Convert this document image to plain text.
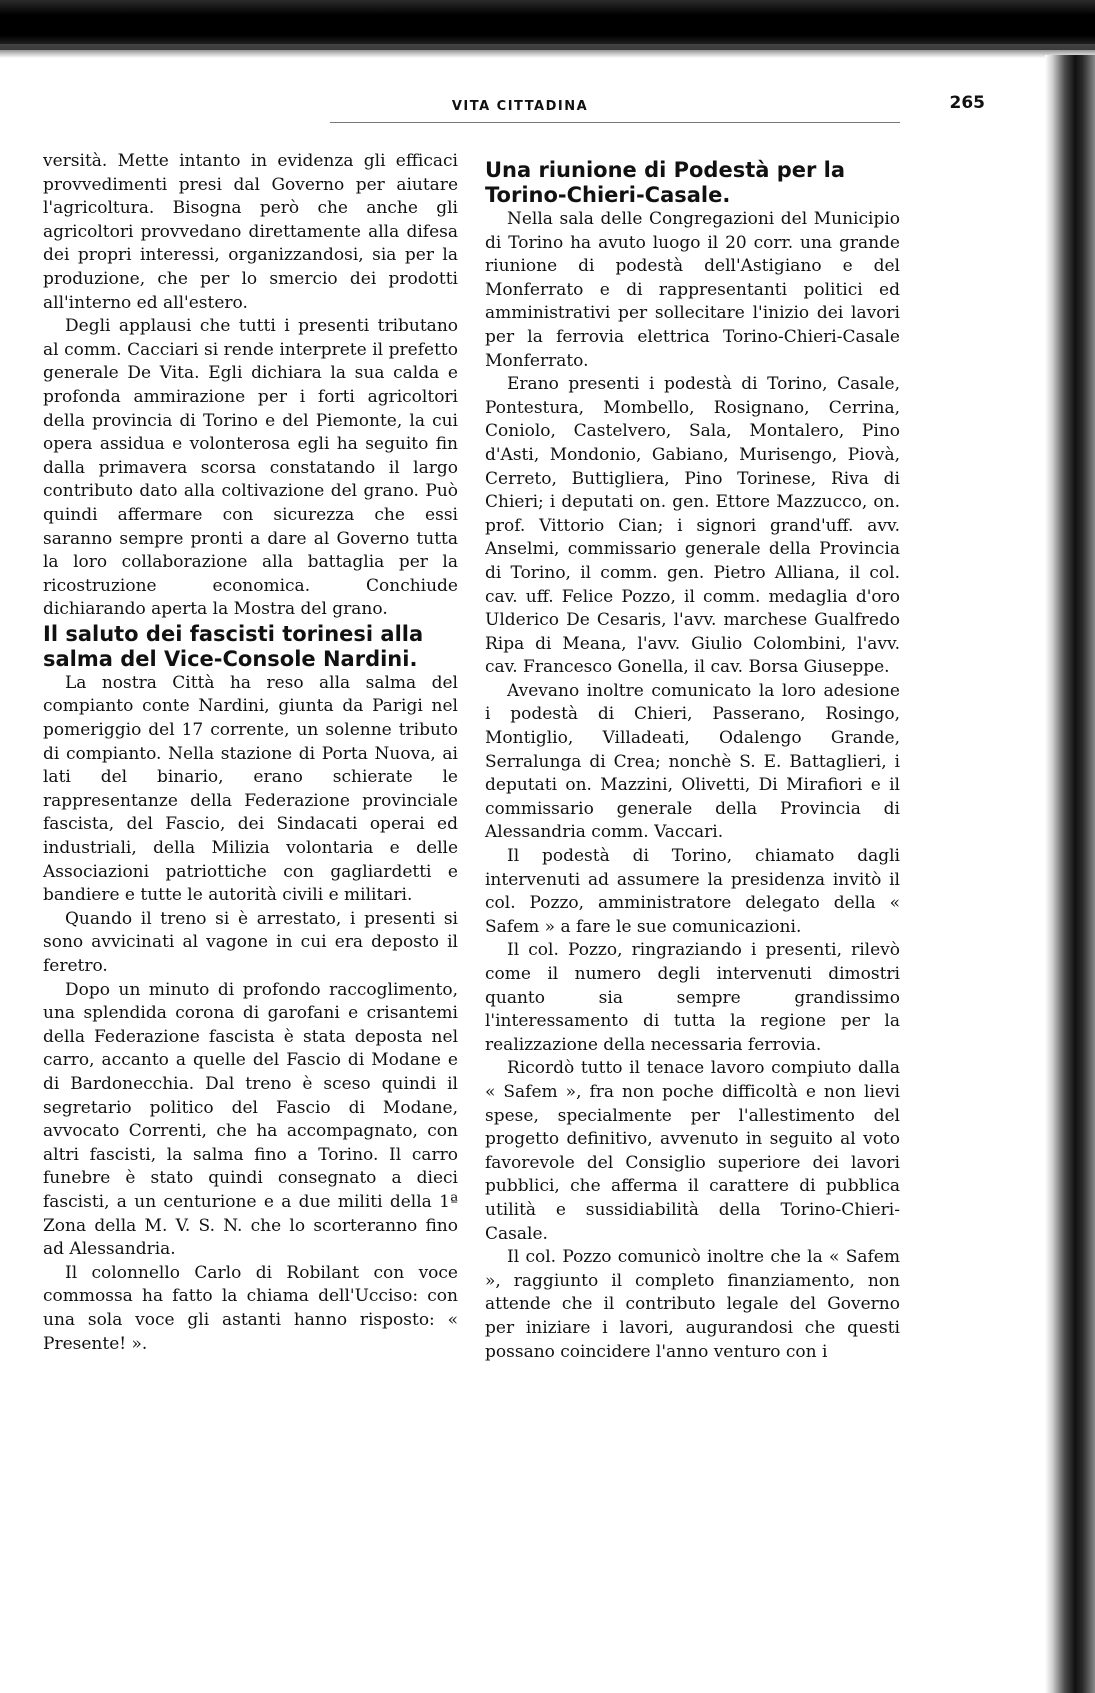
VITA CITTADINA	265

versità. Mette intanto in evidenza gli efficaci provvedimenti presi dal Governo per aiutare l'agricoltura. Bisogna però che anche gli agricoltori provvedano direttamente alla difesa dei propri interessi, organizzandosi, sia per la produzione, che per lo smercio dei prodotti all'interno ed all'estero.

Degli applausi che tutti i presenti tributano al comm. Cacciari si rende interprete il prefetto generale De Vita. Egli dichiara la sua calda e profonda ammirazione per i forti agricoltori della provincia di Torino e del Piemonte, la cui opera assidua e volonterosa egli ha seguito fin dalla primavera scorsa constatando il largo contributo dato alla coltivazione del grano. Può quindi affermare con sicurezza che essi saranno sempre pronti a dare al Governo tutta la loro collaborazione alla battaglia per la ricostruzione economica. Conchiude dichiarando aperta la Mostra del grano.

Il saluto dei fascisti torinesi alla salma del Vice-Console Nardini.

La nostra Città ha reso alla salma del compianto conte Nardini, giunta da Parigi nel pomeriggio del 17 corrente, un solenne tributo di compianto. Nella stazione di Porta Nuova, ai lati del binario, erano schierate le rappresentanze della Federazione provinciale fascista, del Fascio, dei Sindacati operai ed industriali, della Milizia volontaria e delle Associazioni patriottiche con gagliardetti e bandiere e tutte le autorità civili e militari.

Quando il treno si è arrestato, i presenti si sono avvicinati al vagone in cui era deposto il feretro.

Dopo un minuto di profondo raccoglimento, una splendida corona di garofani e crisantemi della Federazione fascista è stata deposta nel carro, accanto a quelle del Fascio di Modane e di Bardonecchia. Dal treno è sceso quindi il segretario politico del Fascio di Modane, avvocato Correnti, che ha accompagnato, con altri fascisti, la salma fino a Torino. Il carro funebre è stato quindi consegnato a dieci fascisti, a un centurione e a due militi della 1ª Zona della M. V. S. N. che lo scorteranno fino ad Alessandria.

Il colonnello Carlo di Robilant con voce commossa ha fatto la chiama dell'Ucciso: con una sola voce gli astanti hanno risposto: « Presente! ».

Una riunione di Podestà per la Torino-Chieri-Casale.

Nella sala delle Congregazioni del Municipio di Torino ha avuto luogo il 20 corr. una grande riunione di podestà dell'Astigiano e del Monferrato e di rappresentanti politici ed amministrativi per sollecitare l'inizio dei lavori per la ferrovia elettrica Torino-Chieri-Casale Monferrato.

Erano presenti i podestà di Torino, Casale, Pontestura, Mombello, Rosignano, Cerrina, Coniolo, Castelvero, Sala, Montalero, Pino d'Asti, Mondonio, Gabiano, Murisengo, Piovà, Cerreto, Buttigliera, Pino Torinese, Riva di Chieri; i deputati on. gen. Ettore Mazzucco, on. prof. Vittorio Cian; i signori grand'uff. avv. Anselmi, commissario generale della Provincia di Torino, il comm. gen. Pietro Alliana, il col. cav. uff. Felice Pozzo, il comm. medaglia d'oro Ulderico De Cesaris, l'avv. marchese Gualfredo Ripa di Meana, l'avv. Giulio Colombini, l'avv. cav. Francesco Gonella, il cav. Borsa Giuseppe.

Avevano inoltre comunicato la loro adesione i podestà di Chieri, Passerano, Rosingo, Montiglio, Villadeati, Odalengo Grande, Serralunga di Crea; nonchè S. E. Battaglieri, i deputati on. Mazzini, Olivetti, Di Mirafiori e il commissario generale della Provincia di Alessandria comm. Vaccari.

Il podestà di Torino, chiamato dagli intervenuti ad assumere la presidenza invitò il col. Pozzo, amministratore delegato della « Safem » a fare le sue comunicazioni.

Il col. Pozzo, ringraziando i presenti, rilevò come il numero degli intervenuti dimostri quanto sia sempre grandissimo l'interessamento di tutta la regione per la realizzazione della necessaria ferrovia.

Ricordò tutto il tenace lavoro compiuto dalla « Safem », fra non poche difficoltà e non lievi spese, specialmente per l'allestimento del progetto definitivo, avvenuto in seguito al voto favorevole del Consiglio superiore dei lavori pubblici, che afferma il carattere di pubblica utilità e sussidiabilità della Torino-Chieri-Casale.

Il col. Pozzo comunicò inoltre che la « Safem », raggiunto il completo finanziamento, non attende che il contributo legale del Governo per iniziare i lavori, augurandosi che questi possano coincidere l'anno venturo con i
